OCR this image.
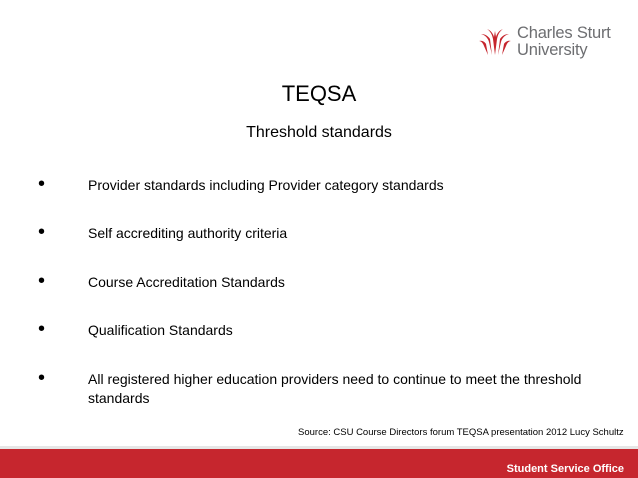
Charles Sturt
University
TEQSA
Threshold standards
•	Provider standards including Provider category standards
•	Self accrediting authority criteria
•	Course Accreditation Standards
•	Qualification Standards
•	All registered higher education providers need to continue to meet the threshold standards
Source: CSU Course Directors forum TEQSA presentation 2012 Lucy Schultz
Student Service Office
